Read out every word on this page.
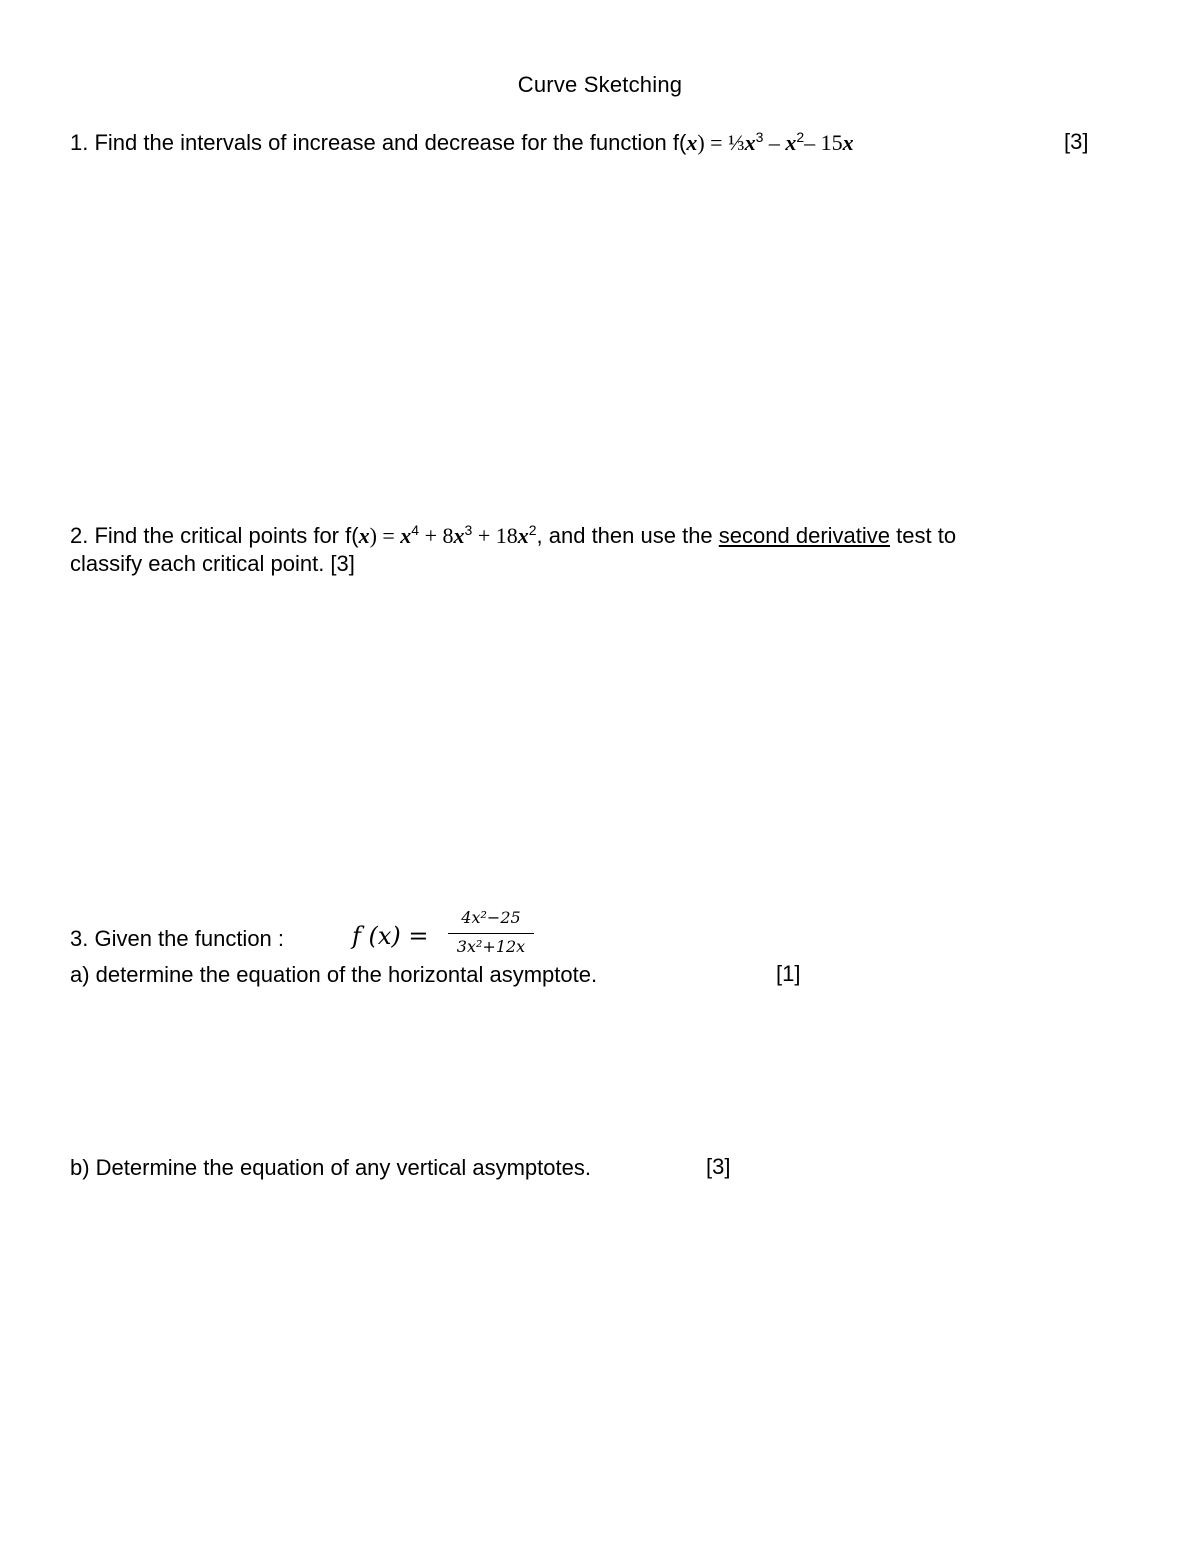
Curve Sketching
1. Find the intervals of increase and decrease for the function $f(x) = \frac{1}{3}x^3 - x^2-$ 15x	[3]
2. Find the critical points for $f(x) = x^4 + 8x^3 + 18x^2$, and then use the second derivative test to
classify each critical point. [3]
3. Given the function :	f (x) =
4x²−25
3x²+12x
a) determine the equation of the horizontal asymptote.	[1]
b) Determine the equation of any vertical asymptotes.	[3]
